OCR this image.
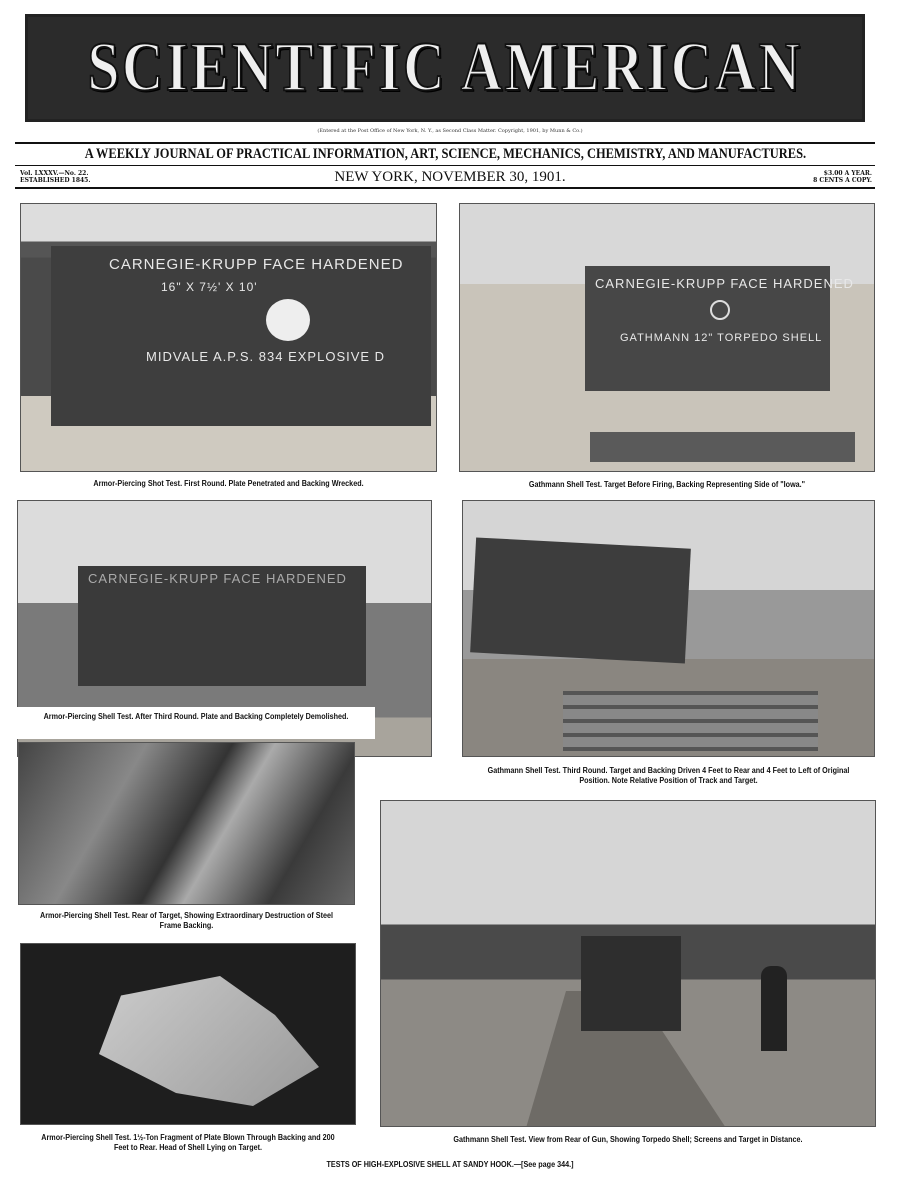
SCIENTIFIC AMERICAN
(Entered at the Post Office of New York, N. Y., as Second Class Matter. Copyright, 1901, by Munn & Co.)
A WEEKLY JOURNAL OF PRACTICAL INFORMATION, ART, SCIENCE, MECHANICS, CHEMISTRY, AND MANUFACTURES.
Vol. LXXXV.—No. 22.
ESTABLISHED 1845.	NEW YORK, NOVEMBER 30, 1901.	$3.00 A YEAR.
8 CENTS A COPY.
CARNEGIE-KRUPP FACE HARDENED
16" X 7½' X 10'
MIDVALE A.P.S. 834 EXPLOSIVE D
Armor-Piercing Shot Test. First Round. Plate Penetrated and Backing Wrecked.
CARNEGIE-KRUPP FACE HARDENED
GATHMANN 12" TORPEDO SHELL
Gathmann Shell Test. Target Before Firing, Backing Representing Side of "Iowa."
CARNEGIE-KRUPP FACE HARDENED
Armor-Piercing Shell Test. After Third Round. Plate and Backing Completely Demolished.
Gathmann Shell Test. Third Round. Target and Backing Driven 4 Feet to Rear and 4 Feet to Left of Original Position. Note Relative Position of Track and Target.
Armor-Piercing Shell Test. Rear of Target, Showing Extraordinary Destruction of Steel Frame Backing.
Gathmann Shell Test. View from Rear of Gun, Showing Torpedo Shell; Screens and Target in Distance.
Armor-Piercing Shell Test. 1½-Ton Fragment of Plate Blown Through Backing and 200 Feet to Rear. Head of Shell Lying on Target.
TESTS OF HIGH-EXPLOSIVE SHELL AT SANDY HOOK.—[See page 344.]
